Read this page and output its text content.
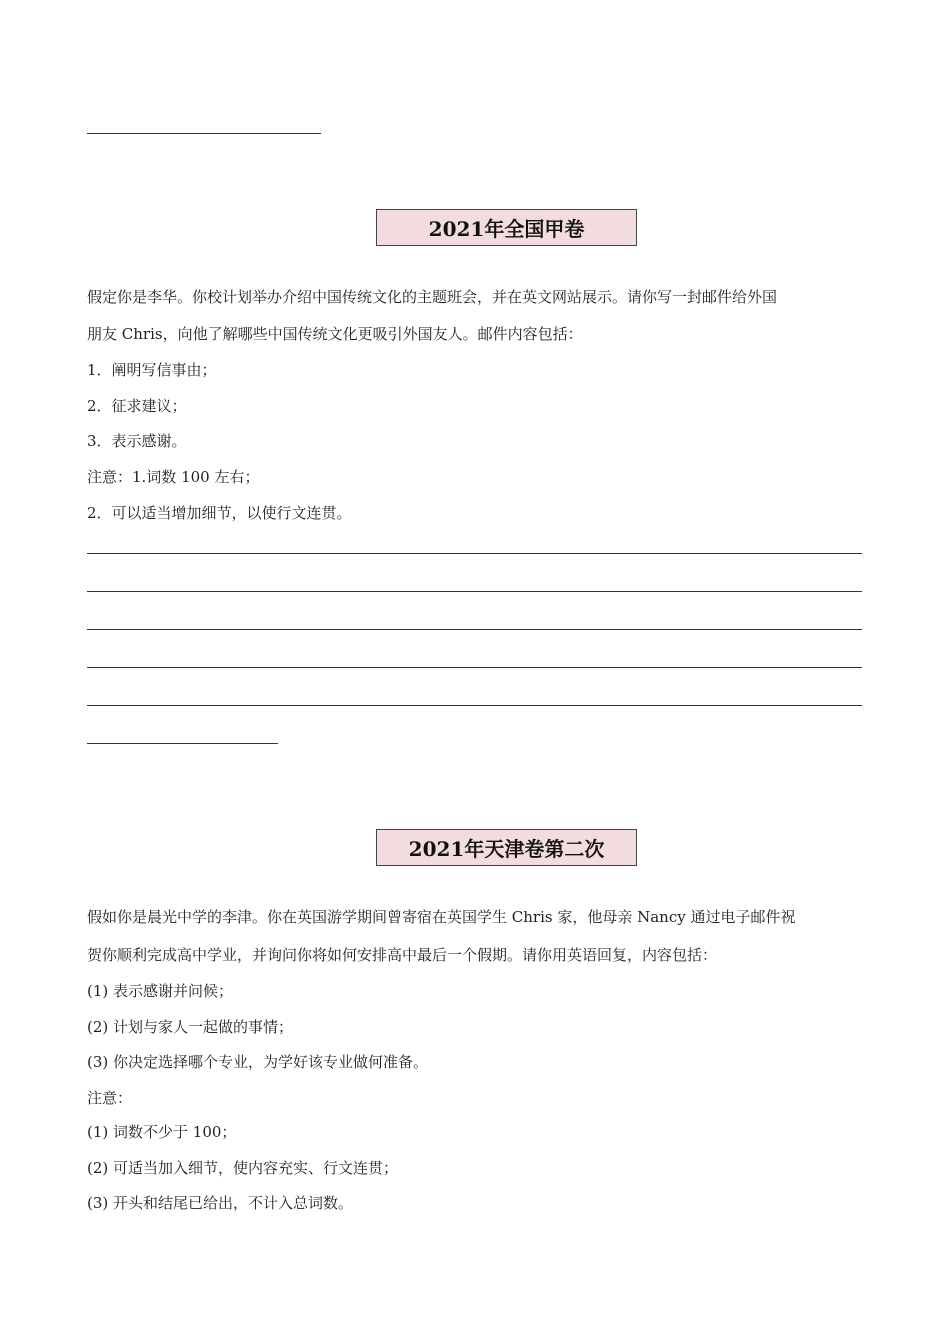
2021年全国甲卷
假定你是李华。你校计划举办介绍中国传统文化的主题班会，并在英文网站展示。请你写一封邮件给外国
朋友 Chris，向他了解哪些中国传统文化更吸引外国友人。邮件内容包括：
1．阐明写信事由；
2．征求建议；
3．表示感谢。
注意：1.词数 100 左右；
2．可以适当增加细节，以使行文连贯。
2021年天津卷第二次
假如你是晨光中学的李津。你在英国游学期间曾寄宿在英国学生 Chris 家，他母亲 Nancy 通过电子邮件祝
贺你顺利完成高中学业，并询问你将如何安排高中最后一个假期。请你用英语回复，内容包括：
(1) 表示感谢并问候；
(2) 计划与家人一起做的事情；
(3) 你决定选择哪个专业，为学好该专业做何准备。
注意：
(1) 词数不少于 100；
(2) 可适当加入细节，使内容充实、行文连贯；
(3) 开头和结尾已给出，不计入总词数。
